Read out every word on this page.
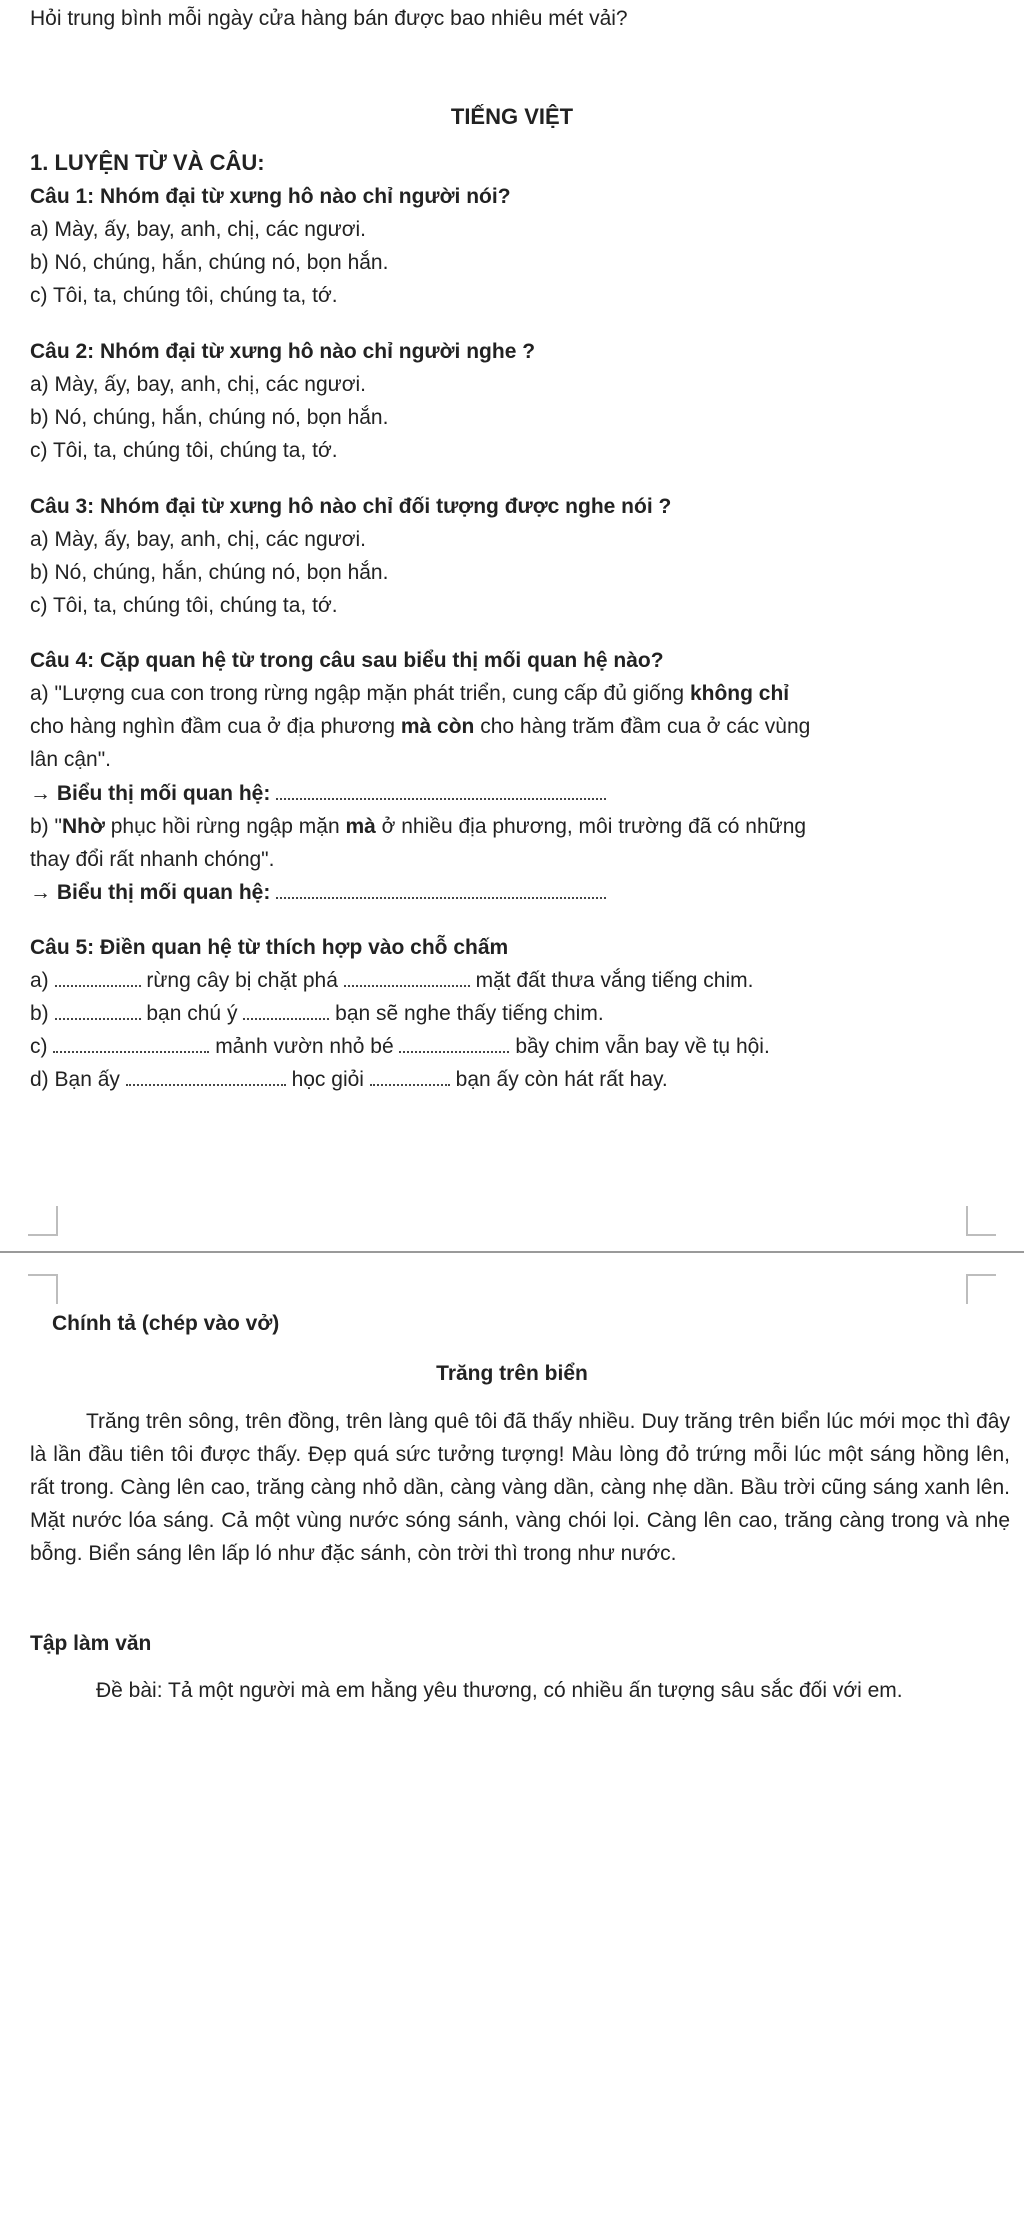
Hỏi trung bình mỗi ngày cửa hàng bán được bao nhiêu mét vải?
TIẾNG VIỆT
1. LUYỆN TỪ VÀ CÂU:
Câu 1: Nhóm đại từ xưng hô nào chỉ người nói?
a) Mày, ấy, bay, anh, chị, các ngươi.
b) Nó, chúng, hắn, chúng nó, bọn hắn.
c) Tôi, ta, chúng tôi, chúng ta, tớ.
Câu 2: Nhóm đại từ xưng hô nào chỉ người nghe ?
a) Mày, ấy, bay, anh, chị, các ngươi.
b) Nó, chúng, hắn, chúng nó, bọn hắn.
c) Tôi, ta, chúng tôi, chúng ta, tớ.
Câu 3: Nhóm đại từ xưng hô nào chỉ đối tượng được nghe nói ?
a) Mày, ấy, bay, anh, chị, các ngươi.
b) Nó, chúng, hắn, chúng nó, bọn hắn.
c) Tôi, ta, chúng tôi, chúng ta, tớ.
Câu 4: Cặp quan hệ từ trong câu sau biểu thị mối quan hệ nào?
a) "Lượng cua con trong rừng ngập mặn phát triển, cung cấp đủ giống không chỉ
cho hàng nghìn đầm cua ở địa phương mà còn cho hàng trăm đầm cua ở các vùng
lân cận".
→ Biểu thị mối quan hệ:
b) "Nhờ phục hồi rừng ngập mặn mà ở nhiều địa phương, môi trường đã có những
thay đổi rất nhanh chóng".
→ Biểu thị mối quan hệ:
Câu 5: Điền quan hệ từ thích hợp vào chỗ chấm
a)	rừng cây bị chặt phá	mặt đất thưa vắng tiếng chim.
b)	bạn chú ý	bạn sẽ nghe thấy tiếng chim.
c)	mảnh vườn nhỏ bé	bầy chim vẫn bay về tụ hội.
d) Bạn ấy	học giỏi	bạn ấy còn hát rất hay.
Chính tả (chép vào vở)
Trăng trên biển
Trăng trên sông, trên đồng, trên làng quê tôi đã thấy nhiều. Duy trăng trên biển lúc mới mọc thì đây là lần đầu tiên tôi được thấy. Đẹp quá sức tưởng tượng! Màu lòng đỏ trứng mỗi lúc một sáng hồng lên, rất trong. Càng lên cao, trăng càng nhỏ dần, càng vàng dần, càng nhẹ dần. Bầu trời cũng sáng xanh lên. Mặt nước lóa sáng. Cả một vùng nước sóng sánh, vàng chói lọi. Càng lên cao, trăng càng trong và nhẹ bỗng. Biển sáng lên lấp ló như đặc sánh, còn trời thì trong như nước.
Tập làm văn
Đề bài: Tả một người mà em hằng yêu thương, có nhiều ấn tượng sâu sắc đối với em.
